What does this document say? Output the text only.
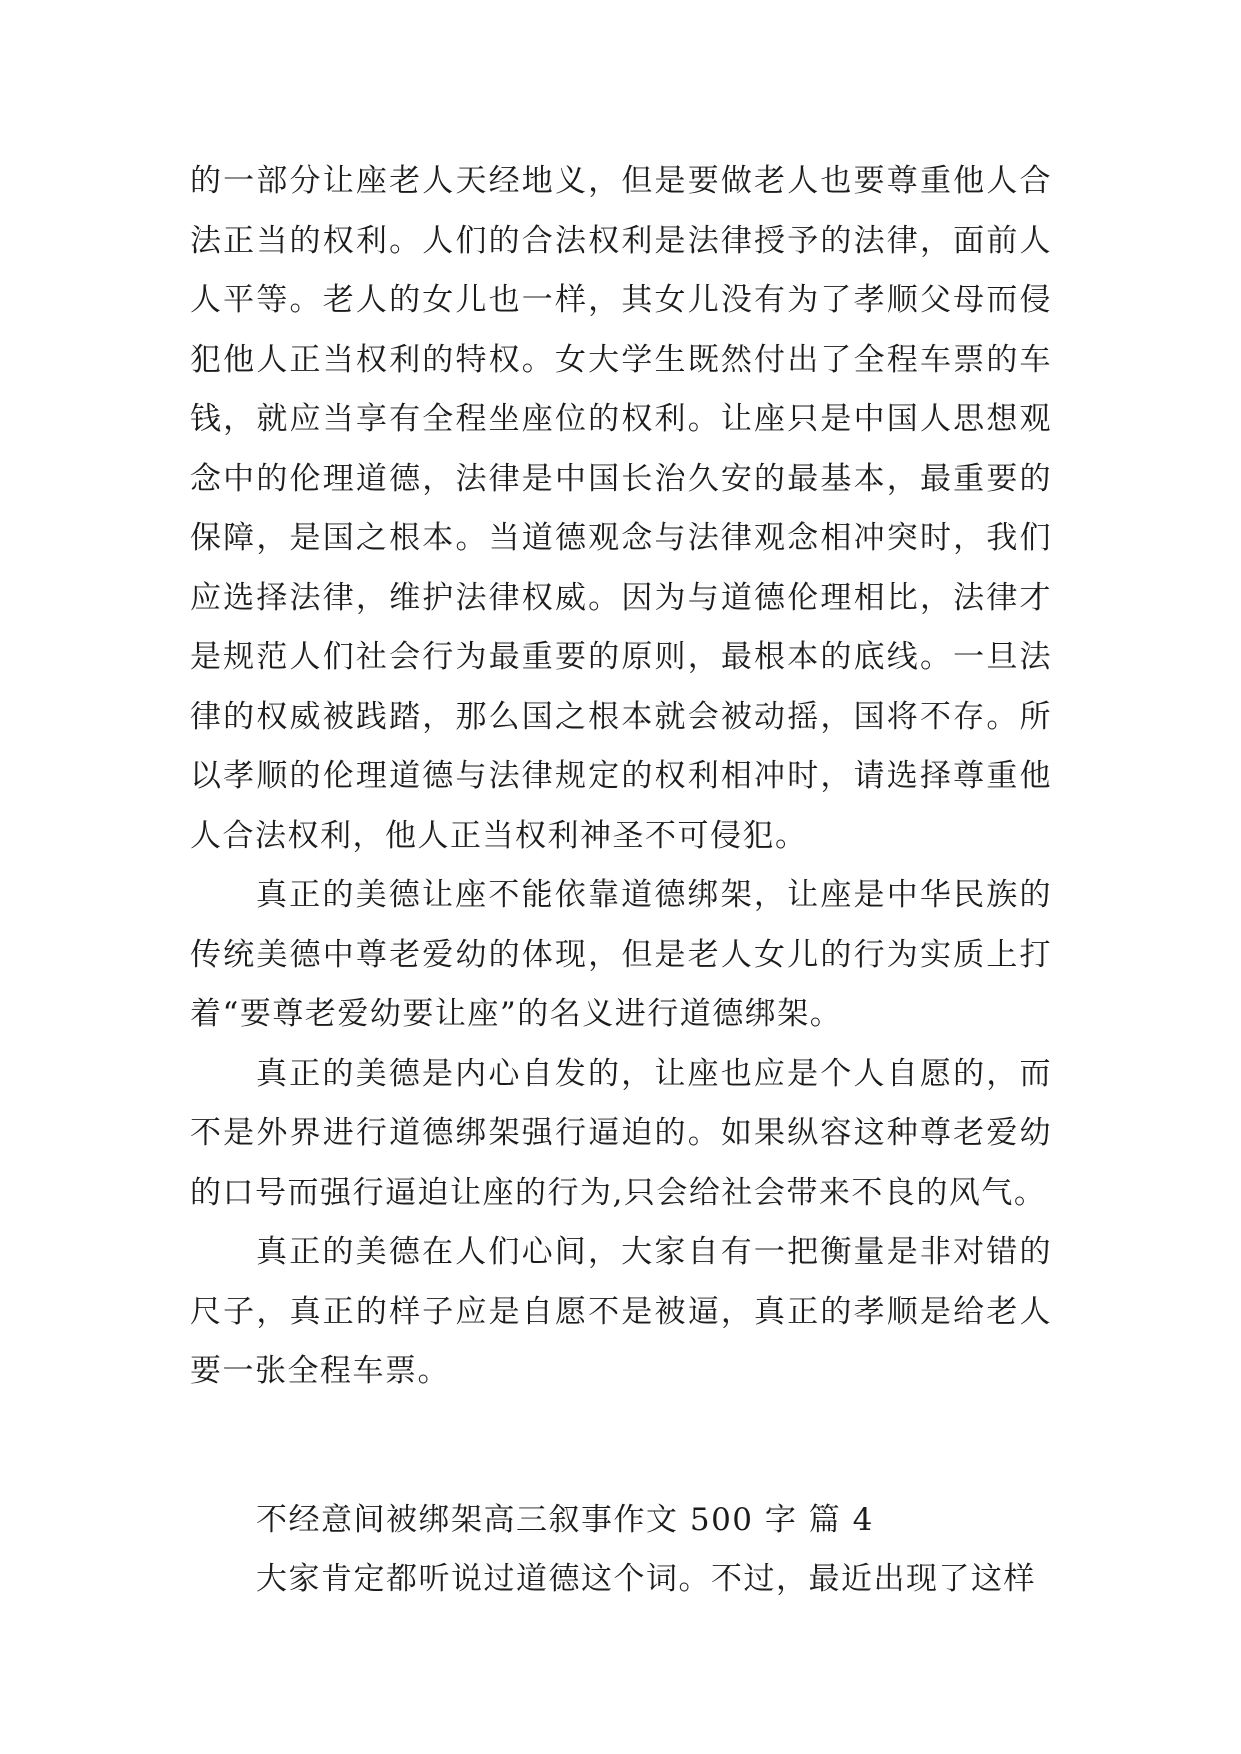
的一部分让座老人天经地义，但是要做老人也要尊重他人合法正当的权利。人们的合法权利是法律授予的法律，面前人人平等。老人的女儿也一样，其女儿没有为了孝顺父母而侵犯他人正当权利的特权。女大学生既然付出了全程车票的车钱，就应当享有全程坐座位的权利。让座只是中国人思想观念中的伦理道德，法律是中国长治久安的最基本，最重要的保障，是国之根本。当道德观念与法律观念相冲突时，我们应选择法律，维护法律权威。因为与道德伦理相比，法律才是规范人们社会行为最重要的原则，最根本的底线。一旦法律的权威被践踏，那么国之根本就会被动摇，国将不存。所以孝顺的伦理道德与法律规定的权利相冲时，请选择尊重他人合法权利，他人正当权利神圣不可侵犯。

真正的美德让座不能依靠道德绑架，让座是中华民族的传统美德中尊老爱幼的体现，但是老人女儿的行为实质上打着“要尊老爱幼要让座”的名义进行道德绑架。

真正的美德是内心自发的，让座也应是个人自愿的，而不是外界进行道德绑架强行逼迫的。如果纵容这种尊老爱幼的口号而强行逼迫让座的行为,只会给社会带来不良的风气。

真正的美德在人们心间，大家自有一把衡量是非对错的尺子，真正的样子应是自愿不是被逼，真正的孝顺是给老人要一张全程车票。

不经意间被绑架高三叙事作文 500 字 篇 4

大家肯定都听说过道德这个词。不过，最近出现了这样
